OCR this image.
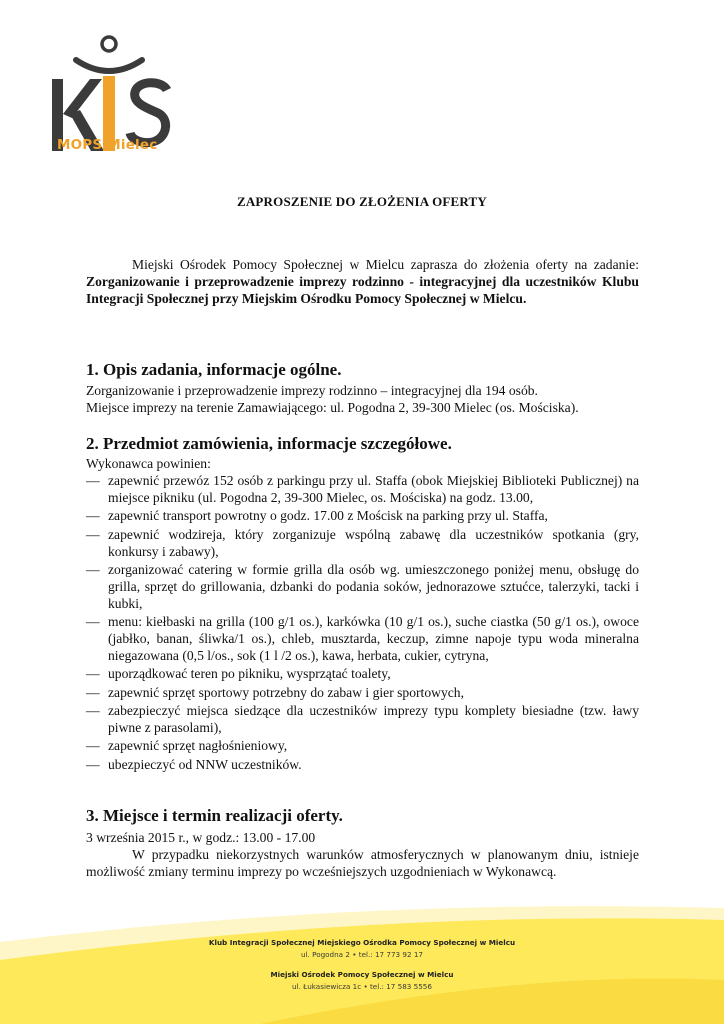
MOPS Mielec
ZAPROSZENIE DO ZŁOŻENIA OFERTY
Miejski Ośrodek Pomocy Społecznej w Mielcu zaprasza do złożenia oferty na zadanie: Zorganizowanie i przeprowadzenie imprezy rodzinno - integracyjnej dla uczestników Klubu Integracji Społecznej przy Miejskim Ośrodku Pomocy Społecznej w Mielcu.
1. Opis zadania, informacje ogólne.
Zorganizowanie i przeprowadzenie imprezy rodzinno – integracyjnej dla 194 osób.
Miejsce imprezy na terenie Zamawiającego: ul. Pogodna 2, 39-300 Mielec (os. Mościska).
2. Przedmiot zamówienia, informacje szczegółowe.
Wykonawca powinien:
— zapewnić przewóz 152 osób z parkingu przy ul. Staffa (obok Miejskiej Biblioteki Publicznej) na miejsce pikniku (ul. Pogodna 2, 39-300 Mielec, os. Mościska) na godz. 13.00,
— zapewnić transport powrotny o godz. 17.00 z Mościsk na parking przy ul. Staffa,
— zapewnić wodzireja, który zorganizuje wspólną zabawę dla uczestników spotkania (gry, konkursy i zabawy),
— zorganizować catering w formie grilla dla osób wg. umieszczonego poniżej menu, obsługę do grilla, sprzęt do grillowania, dzbanki do podania soków, jednorazowe sztućce, talerzyki, tacki i kubki,
— menu: kiełbaski na grilla (100 g/1 os.), karkówka (10 g/1 os.), suche ciastka (50 g/1 os.), owoce (jabłko, banan, śliwka/1 os.), chleb, musztarda, keczup, zimne napoje typu woda mineralna niegazowana (0,5 l/os., sok (1 l /2 os.), kawa, herbata, cukier, cytryna,
— uporządkować teren po pikniku, wysprzątać toalety,
— zapewnić sprzęt sportowy potrzebny do zabaw i gier sportowych,
— zabezpieczyć miejsca siedzące dla uczestników imprezy typu komplety biesiadne (tzw. ławy piwne z parasolami),
— zapewnić sprzęt nagłośnieniowy,
— ubezpieczyć od NNW uczestników.
3. Miejsce i termin realizacji oferty.
3 września 2015 r., w godz.: 13.00 - 17.00
W przypadku niekorzystnych warunków atmosferycznych w planowanym dniu, istnieje możliwość zmiany terminu imprezy po wcześniejszych uzgodnieniach w Wykonawcą.
Klub Integracji Społecznej Miejskiego Ośrodka Pomocy Społecznej w Mielcu
ul. Pogodna 2 • tel.: 17 773 92 17
Miejski Ośrodek Pomocy Społecznej w Mielcu
ul. Łukasiewicza 1c • tel.: 17 583 5556
